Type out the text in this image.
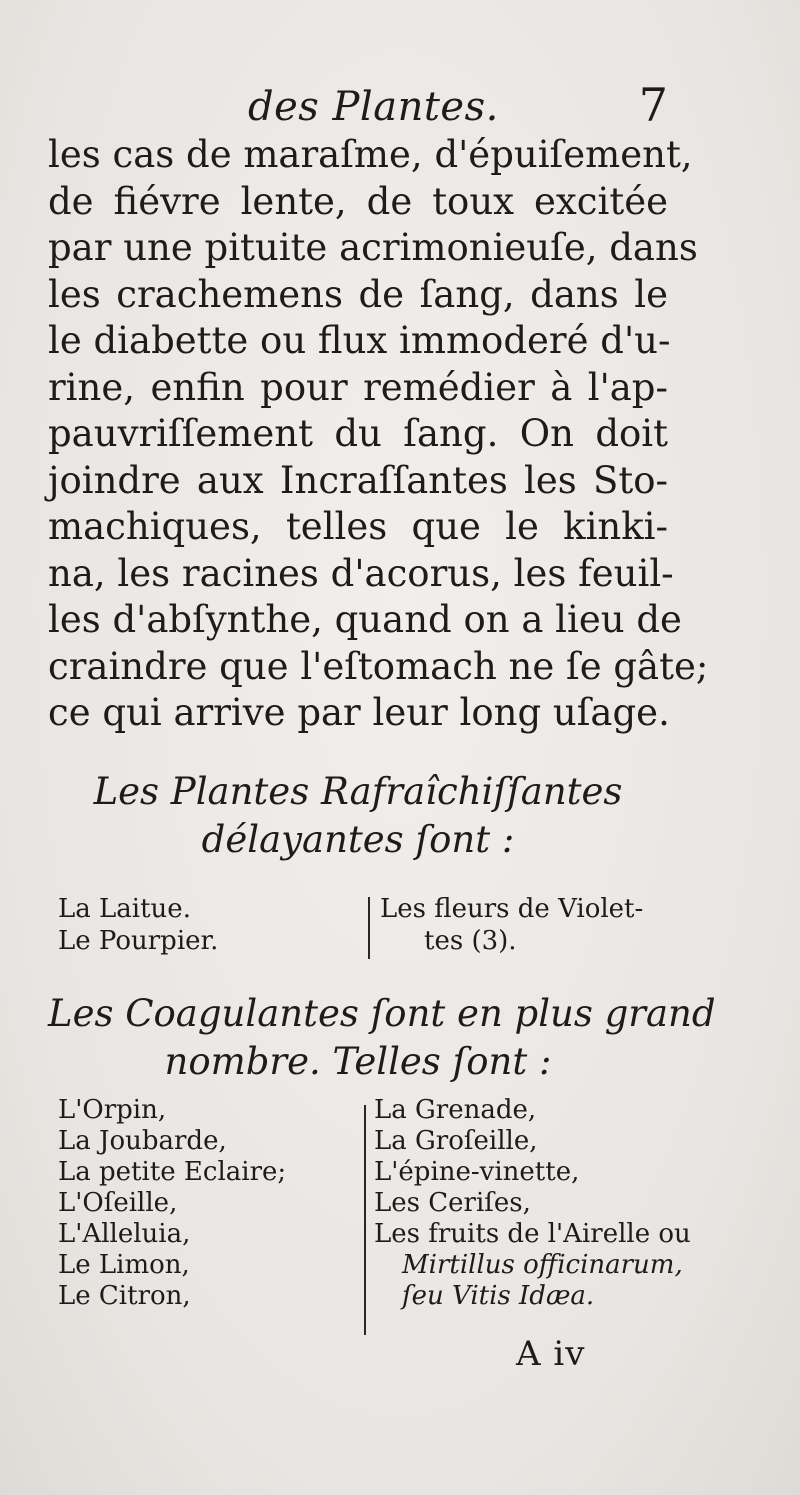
des Plantes.	7
les cas de maraſme, d'épuiſement,
de fiévre lente, de toux excitée
par une pituite acrimonieuſe, dans
les crachemens de ſang, dans le
le diabette ou flux immoderé d'u-
rine, enfin pour remédier à l'ap-
pauvriſſement du ſang. On doit
joindre aux Incraſſantes les Sto-
machiques, telles que le kinki-
na, les racines d'acorus, les feuil-
les d'abſynthe, quand on a lieu de
craindre que l'eſtomach ne ſe gâte;
ce qui arrive par leur long uſage.
Les Plantes Rafraîchiſſantes
délayantes ſont :
La Laitue.
Le Pourpier.
Les fleurs de Violet-
tes (3).
Les Coagulantes ſont en plus grand
nombre. Telles ſont :
L'Orpin,
La Joubarde,
La petite Eclaire;
L'Oſeille,
L'Alleluia,
Le Limon,
Le Citron,
La Grenade,
La Groſeille,
L'épine-vinette,
Les Ceriſes,
Les fruits de l'Airelle ou
Mirtillus officinarum,
ſeu Vitis Idæa.
A iv
